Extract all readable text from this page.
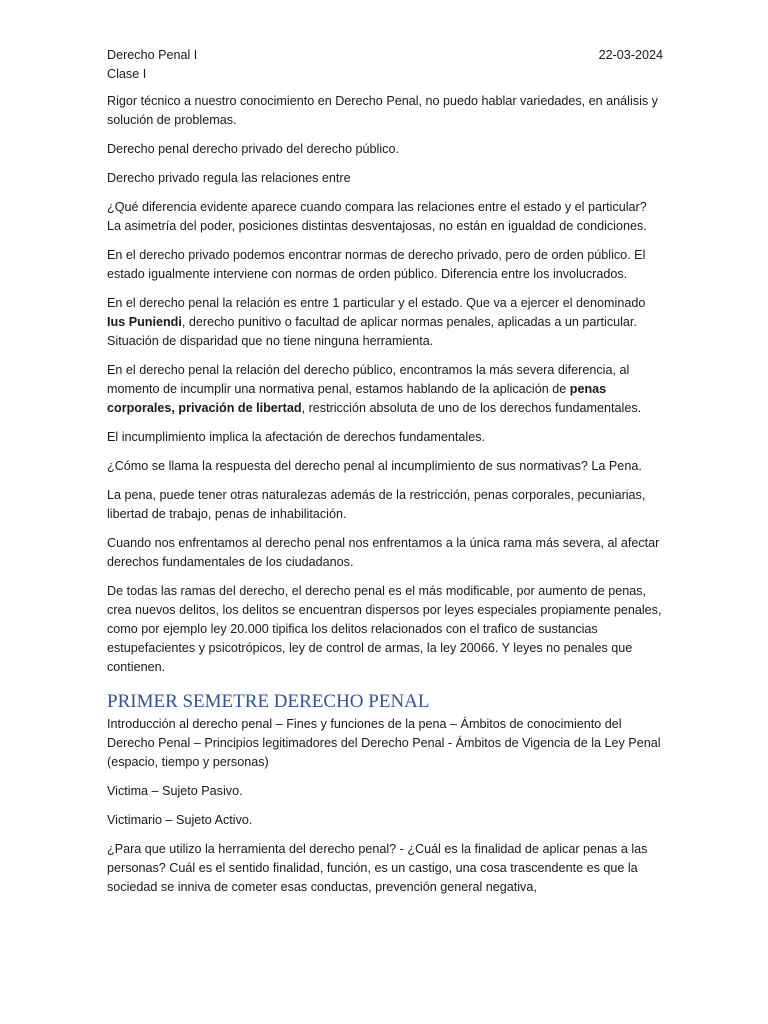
Derecho Penal I	22-03-2024
Clase I

Rigor técnico a nuestro conocimiento en Derecho Penal, no puedo hablar variedades, en análisis y solución de problemas.

Derecho penal derecho privado del derecho público.

Derecho privado regula las relaciones entre

¿Qué diferencia evidente aparece cuando compara las relaciones entre el estado y el particular? La asimetría del poder, posiciones distintas desventajosas, no están en igualdad de condiciones.

En el derecho privado podemos encontrar normas de derecho privado, pero de orden público. El estado igualmente interviene con normas de orden público. Diferencia entre los involucrados.

En el derecho penal la relación es entre 1 particular y el estado. Que va a ejercer el denominado Ius Puniendi, derecho punitivo o facultad de aplicar normas penales, aplicadas a un particular. Situación de disparidad que no tiene ninguna herramienta.

En el derecho penal la relación del derecho público, encontramos la más severa diferencia, al momento de incumplir una normativa penal, estamos hablando de la aplicación de penas corporales, privación de libertad, restricción absoluta de uno de los derechos fundamentales.

El incumplimiento implica la afectación de derechos fundamentales.

¿Cómo se llama la respuesta del derecho penal al incumplimiento de sus normativas? La Pena.

La pena, puede tener otras naturalezas además de la restricción, penas corporales, pecuniarias, libertad de trabajo, penas de inhabilitación.

Cuando nos enfrentamos al derecho penal nos enfrentamos a la única rama más severa, al afectar derechos fundamentales de los ciudadanos.

De todas las ramas del derecho, el derecho penal es el más modificable, por aumento de penas, crea nuevos delitos, los delitos se encuentran dispersos por leyes especiales propiamente penales, como por ejemplo ley 20.000 tipifica los delitos relacionados con el trafico de sustancias estupefacientes y psicotrópicos, ley de control de armas, la ley 20066. Y leyes no penales que contienen.

PRIMER SEMETRE DERECHO PENAL

Introducción al derecho penal – Fines y funciones de la pena – Ámbitos de conocimiento del Derecho Penal – Principios legitimadores del Derecho Penal - Ámbitos de Vigencia de la Ley Penal (espacio, tiempo y personas)

Victima – Sujeto Pasivo.

Victimario – Sujeto Activo.

¿Para que utilizo la herramienta del derecho penal? - ¿Cuál es la finalidad de aplicar penas a las personas? Cuál es el sentido finalidad, función, es un castigo, una cosa trascendente es que la sociedad se inniva de cometer esas conductas, prevención general negativa,
